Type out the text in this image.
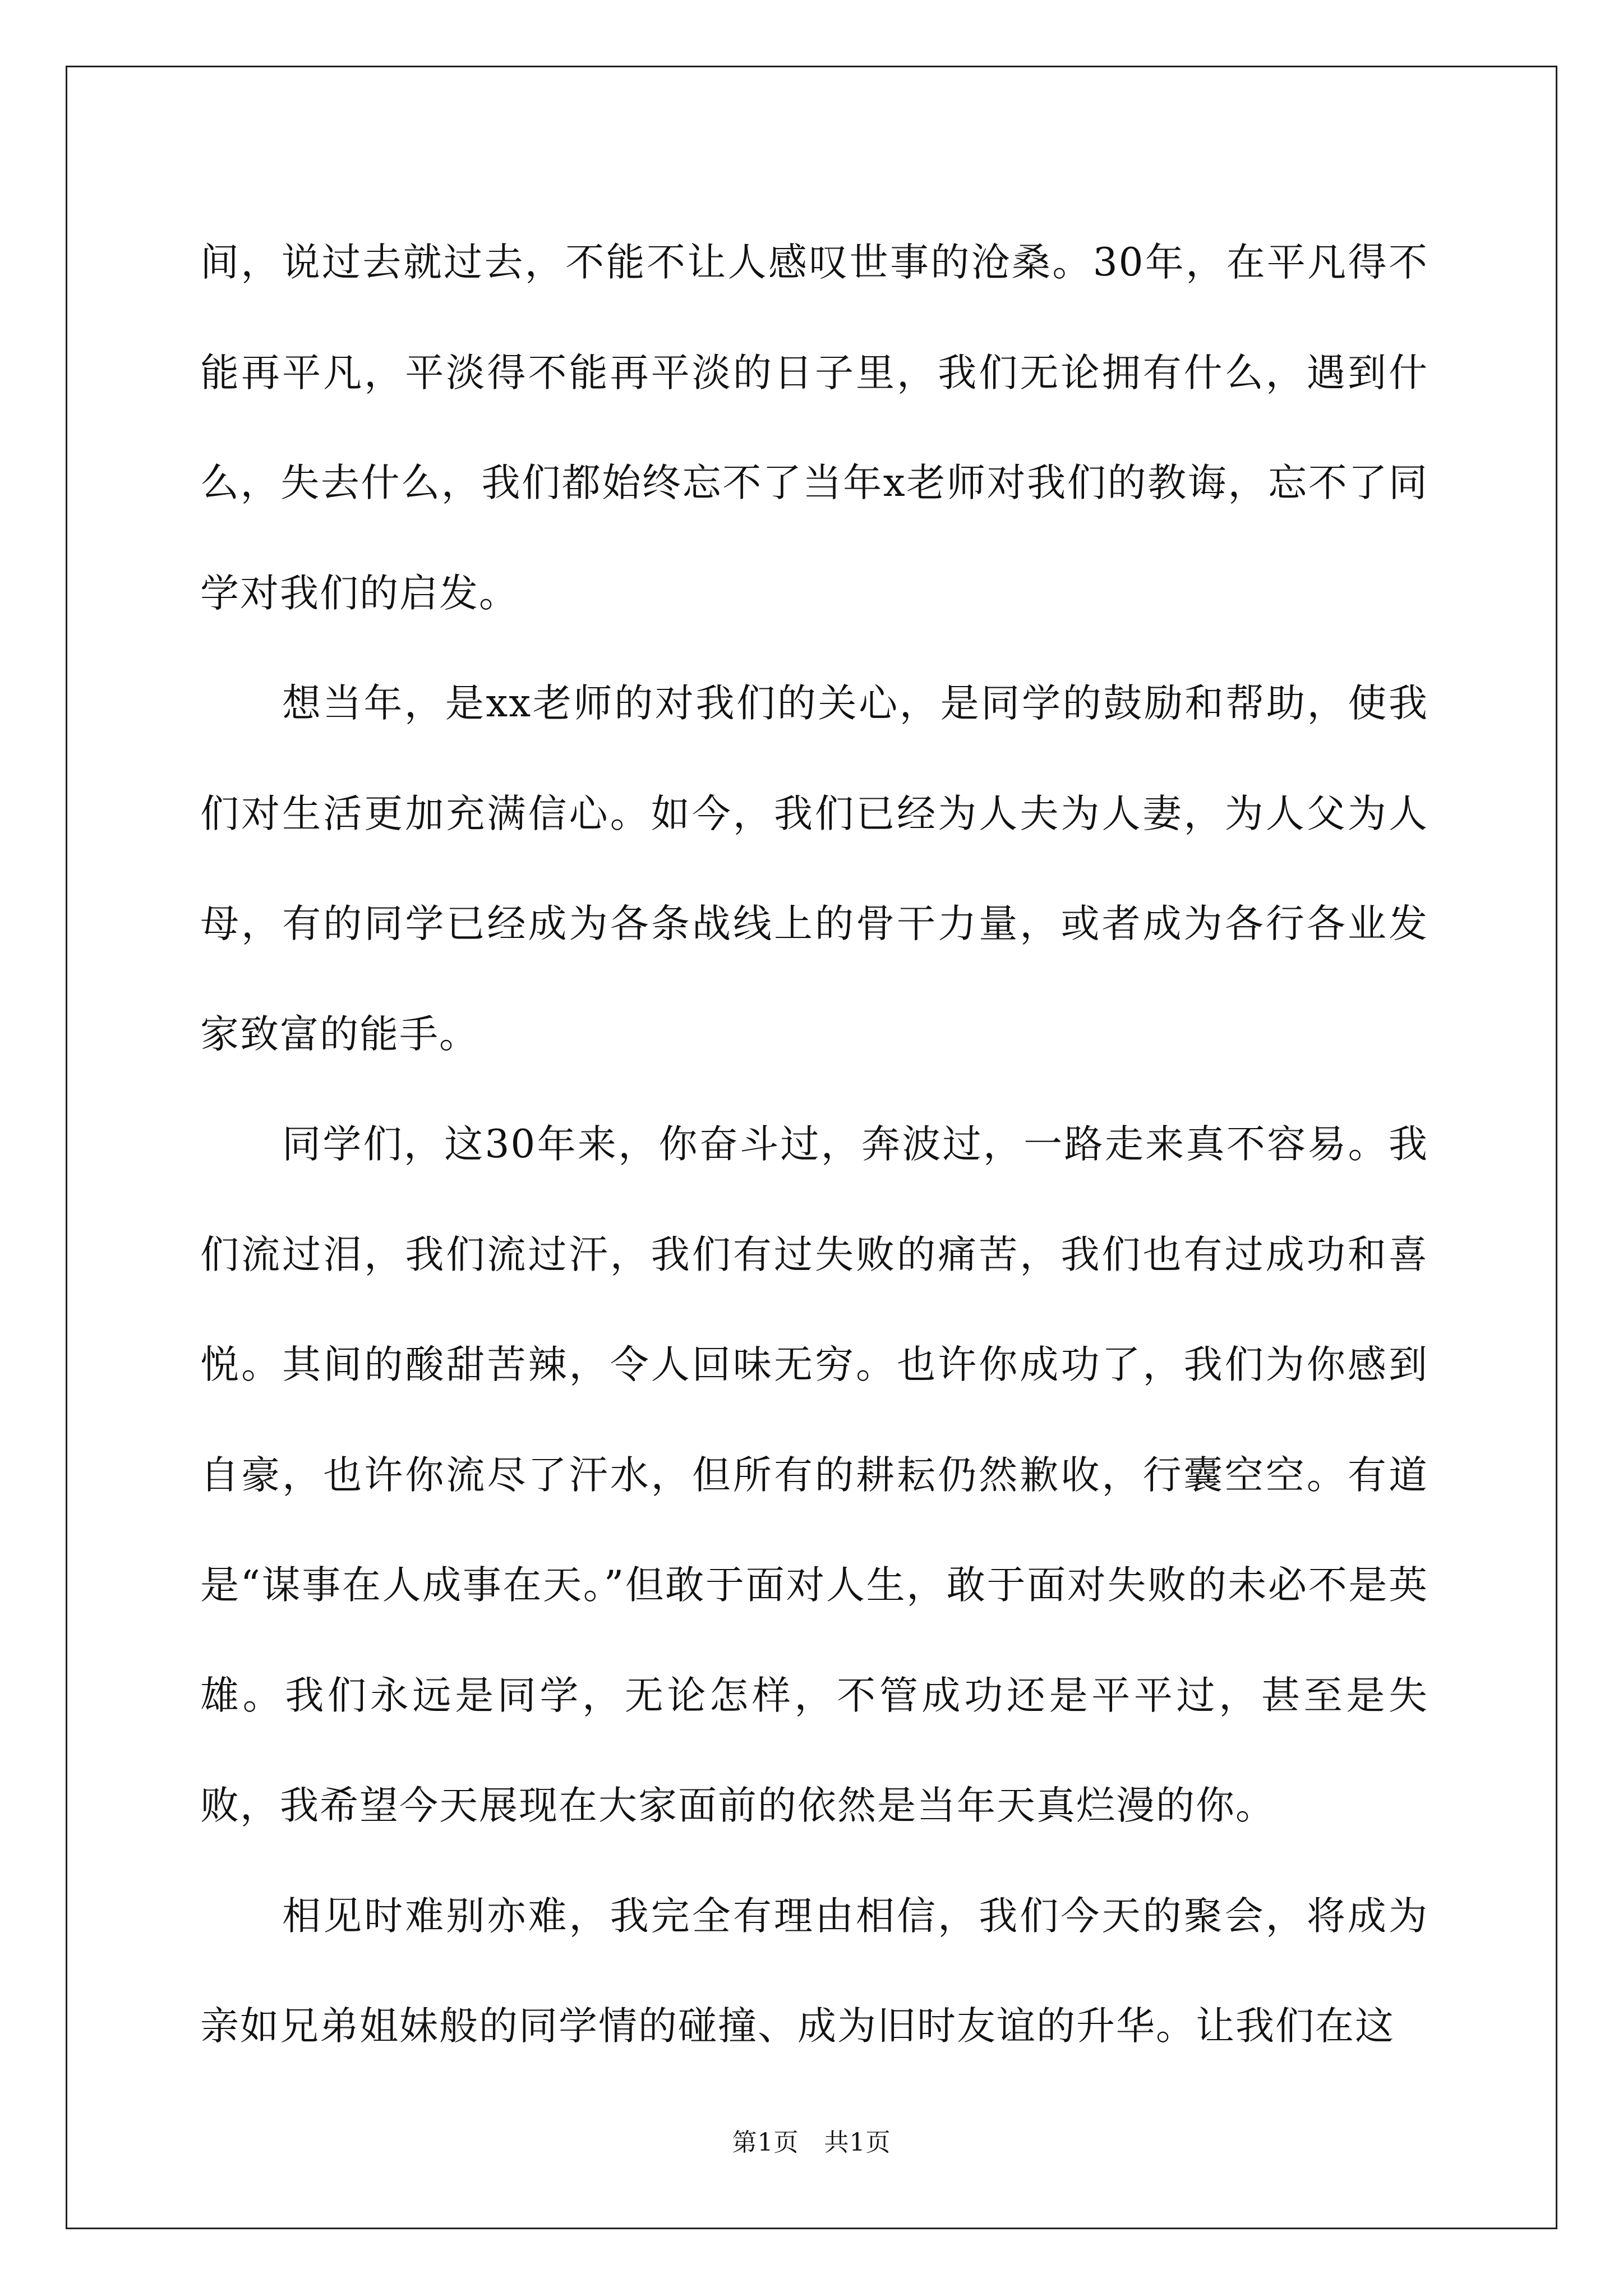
间，说过去就过去，不能不让人感叹世事的沧桑。30年，在平凡得不能再平凡，平淡得不能再平淡的日子里，我们无论拥有什么，遇到什么，失去什么，我们都始终忘不了当年x老师对我们的教诲，忘不了同学对我们的启发。

想当年，是xx老师的对我们的关心，是同学的鼓励和帮助，使我们对生活更加充满信心。如今，我们已经为人夫为人妻，为人父为人母，有的同学已经成为各条战线上的骨干力量，或者成为各行各业发家致富的能手。

同学们，这30年来，你奋斗过，奔波过，一路走来真不容易。我们流过泪，我们流过汗，我们有过失败的痛苦，我们也有过成功和喜悦。其间的酸甜苦辣，令人回味无穷。也许你成功了，我们为你感到自豪，也许你流尽了汗水，但所有的耕耘仍然歉收，行囊空空。有道是“谋事在人成事在天。”但敢于面对人生，敢于面对失败的未必不是英雄。我们永远是同学，无论怎样，不管成功还是平平过，甚至是失败，我希望今天展现在大家面前的依然是当年天真烂漫的你。

相见时难别亦难，我完全有理由相信，我们今天的聚会，将成为亲如兄弟姐妹般的同学情的碰撞、成为旧时友谊的升华。让我们在这

第1页　共1页
